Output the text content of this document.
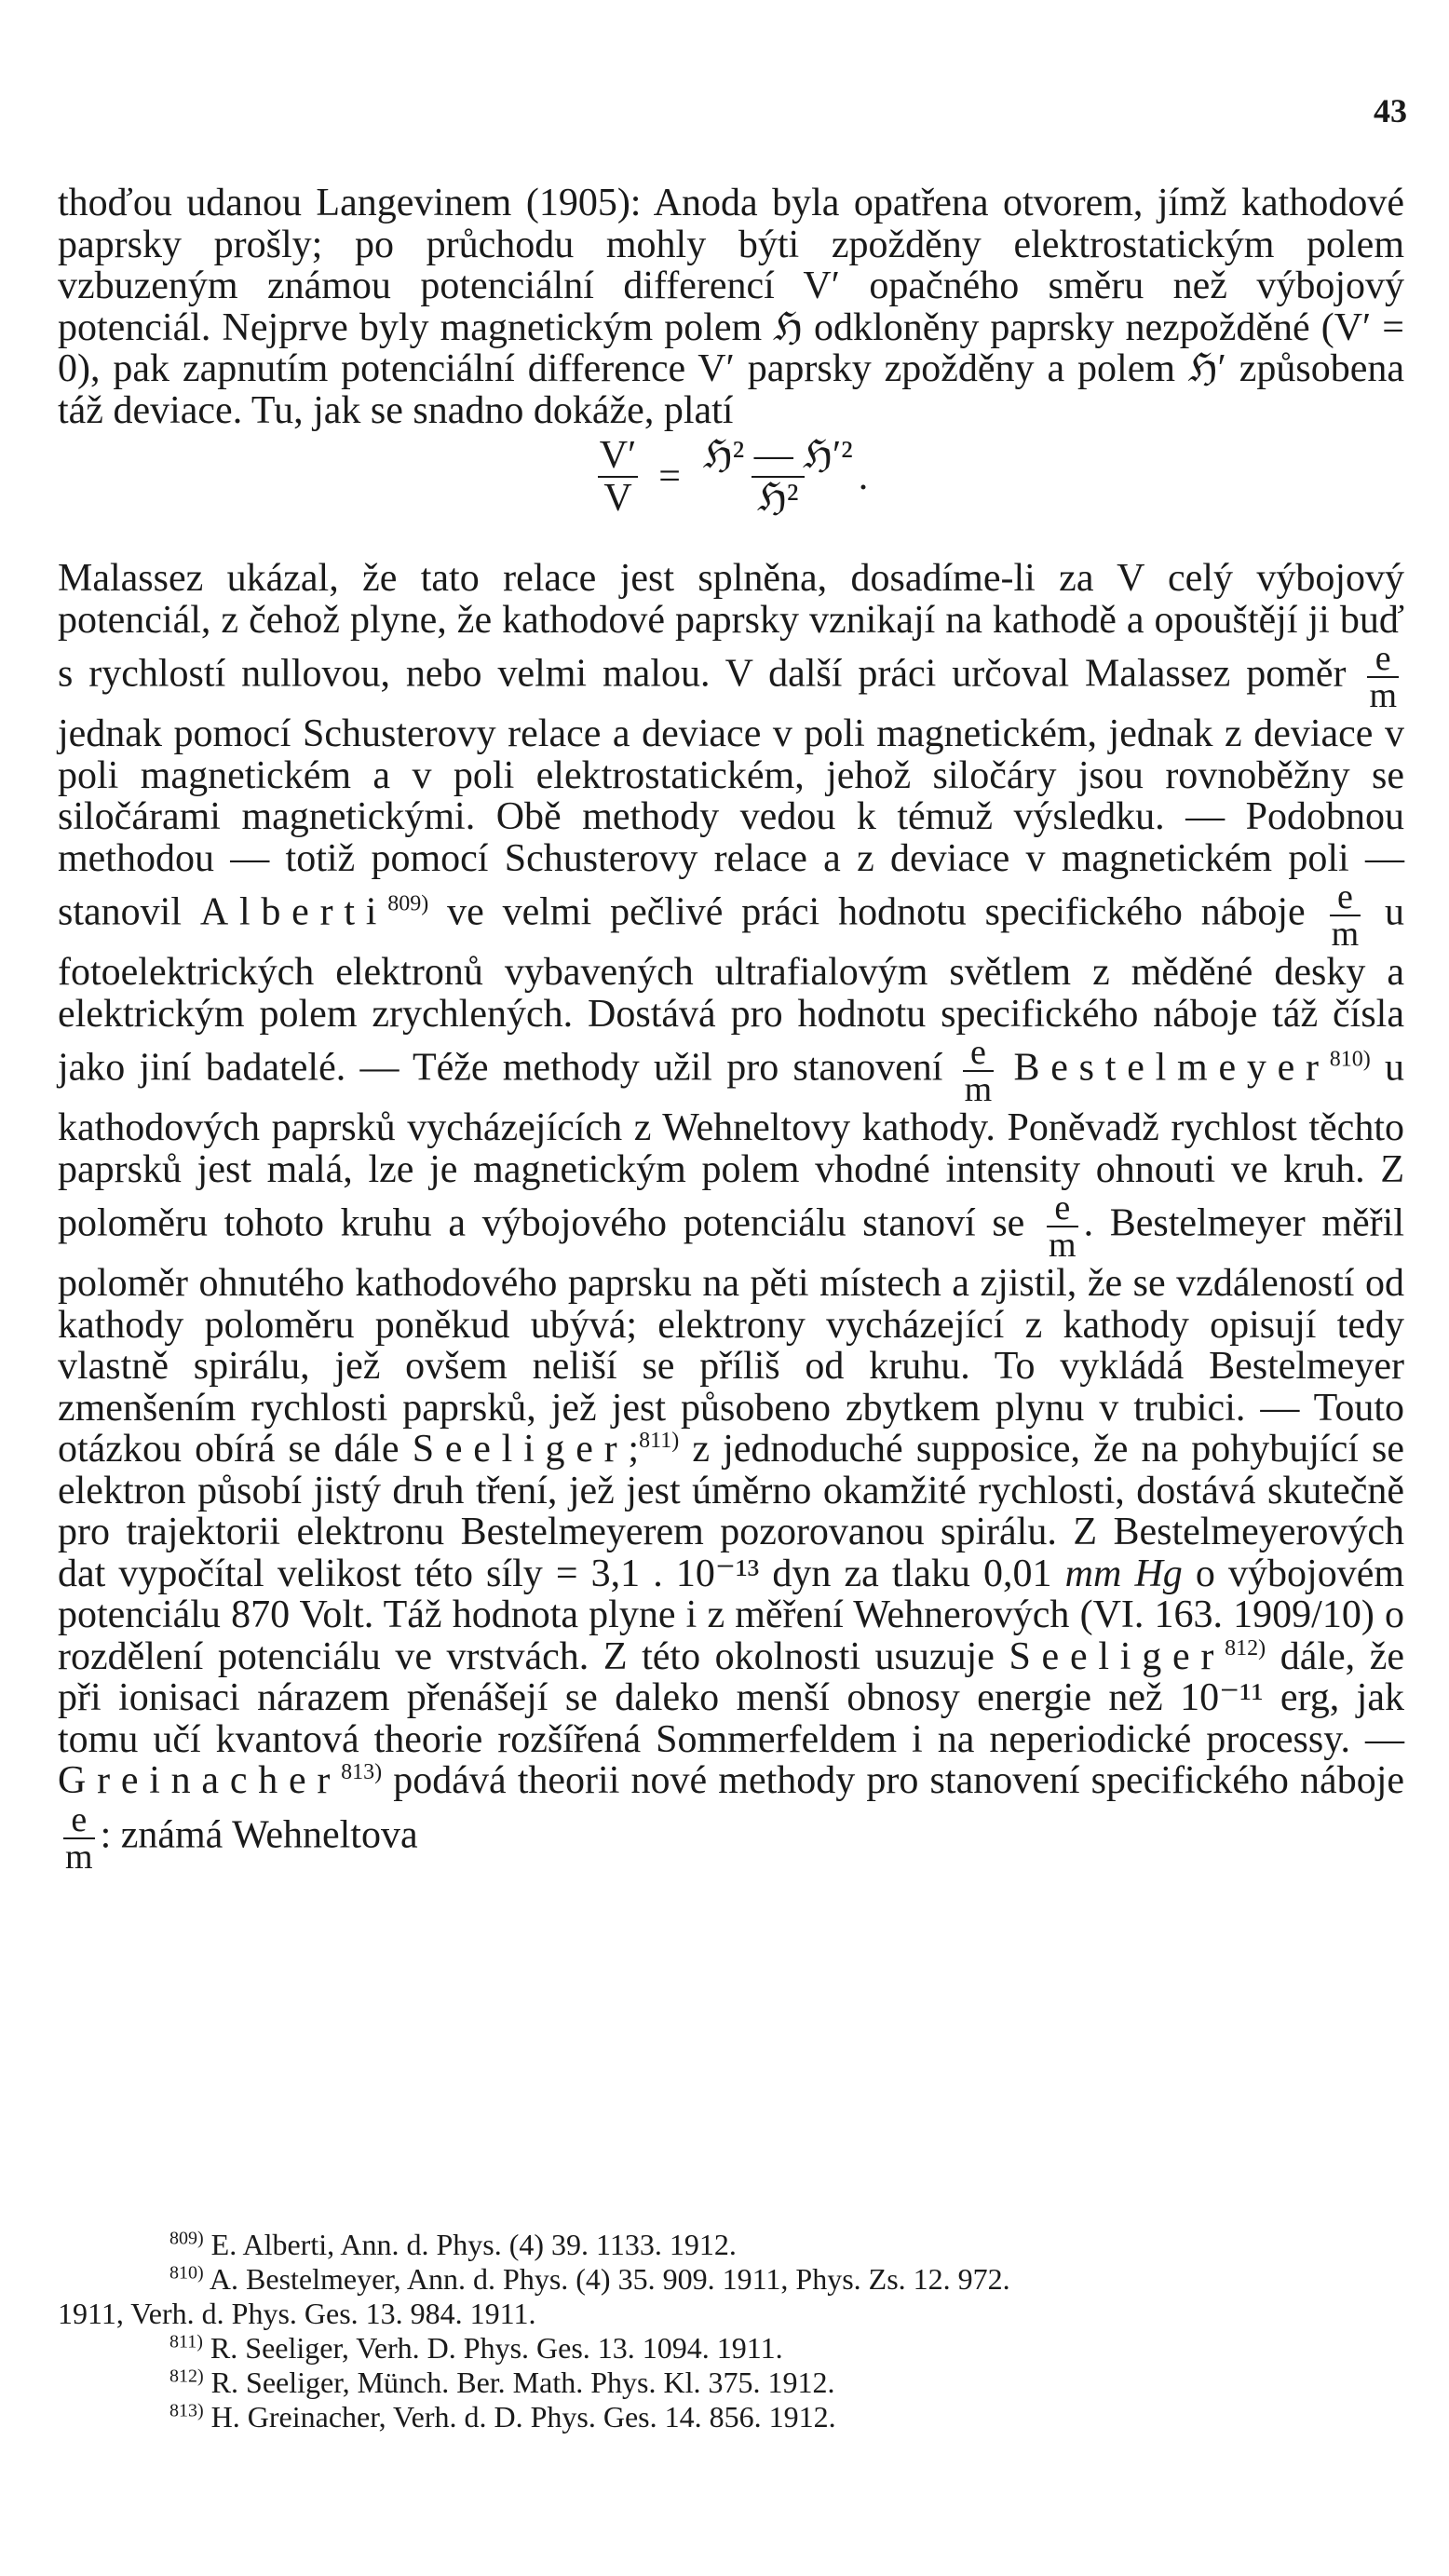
43

thoďou udanou Langevinem (1905): Anoda byla opatřena otvorem, jímž kathodové paprsky prošly; po průchodu mohly býti zpožděny elektrostatickým polem vzbuzeným známou potenciální differencí V′ opačného směru než výbojový potenciál. Nejprve byly magnetickým polem ℌ odkloněny paprsky nezpožděné (V′ = 0), pak zapnutím potenciální difference V′ paprsky zpožděny a polem ℌ′ způsobena táž deviace. Tu, jak se snadno dokáže, platí

$\frac{V'}{V} = \frac{\text{ℌ² — ℌ′²}}{\text{ℌ²}}$ .

Malassez ukázal, že tato relace jest splněna, dosadíme-li za V celý výbojový potenciál, z čehož plyne, že kathodové paprsky vznikají na kathodě a opouštějí ji buď s rychlostí nullovou, nebo velmi malou. V další práci určoval Malassez poměr $\frac{e}{m}$
jednak pomocí Schusterovy relace a deviace v poli magnetickém, jednak z deviace v poli magnetickém a v poli elektrostatickém, jehož siločáry jsou rovnoběžny se siločárami magnetickými. Obě methody vedou k témuž výsledku. — Podobnou methodou — totiž pomocí Schusterovy relace a z deviace v magnetickém poli — stanovil Alberti$^{809)}$ ve velmi pečlivé práci hodnotu specifického náboje $\frac{e}{m}$ u fotoelektrických elektronů vybavených ultrafialovým světlem z měděné desky a elektrickým polem zrychlených. Dostává pro hodnotu specifického náboje táž čísla jako jiní badatelé. — Téže methody užil pro stanovení $\frac{e}{m}$ Bestelmeyer$^{810)}$ u kathodových paprsků vycházejících z Wehneltovy kathody. Poněvadž rychlost těchto paprsků jest malá, lze je magnetickým polem vhodné intensity ohnouti ve kruh. Z poloměru tohoto kruhu a výbojového potenciálu stanoví se $\frac{e}{m}$ . Bestelmeyer měřil poloměr ohnutého kathodového paprsku na pěti místech a zjistil, že se vzdáleností od kathody poloměru poněkud ubývá; elektrony vycházející z kathody opisují tedy vlastně spirálu, jež ovšem neliší se příliš od kruhu. To vykládá Bestelmeyer zmenšením rychlosti paprsků, jež jest působeno zbytkem plynu v trubici. — Touto otázkou obírá se dále Seeliger;$^{811)}$ z jednoduché supposice, že na pohybující se elektron působí jistý druh tření, jež jest úměrno okamžité rychlosti, dostává skutečně pro trajektorii elektronu Bestelmeyerem pozorovanou spirálu. Z Bestelmeyerových dat vypočítal velikost této síly = 3,1 . 10⁻¹³ dyn za tlaku 0,01 mm Hg o výbojovém potenciálu 870 Volt. Táž hodnota plyne i z měření Wehnerových (VI. 163. 1909/10) o rozdělení potenciálu ve vrstvách. Z této okolnosti usuzuje Seeliger$^{812)}$ dále, že při ionisaci nárazem přenášejí se daleko menší obnosy energie než 10⁻¹¹ erg, jak tomu učí kvantová theorie rozšířená Sommerfeldem i na neperiodické processy. — Greinacher$^{813)}$ podává theorii nové methody pro stanovení specifického náboje
$\frac{e}{m}$ : známá Wehneltova

$^{809)}$ E. Alberti, Ann. d. Phys. (4) 39. 1133. 1912.

$^{810)}$ A. Bestelmeyer, Ann. d. Phys. (4) 35. 909. 1911, Phys. Zs. 12. 972.

1911, Verh. d. Phys. Ges. 13. 984. 1911.

$^{811)}$ R. Seeliger, Verh. D. Phys. Ges. 13. 1094. 1911.

$^{812)}$ R. Seeliger, Münch. Ber. Math. Phys. Kl. 375. 1912.

$^{813)}$ H. Greinacher, Verh. d. D. Phys. Ges. 14. 856. 1912.
